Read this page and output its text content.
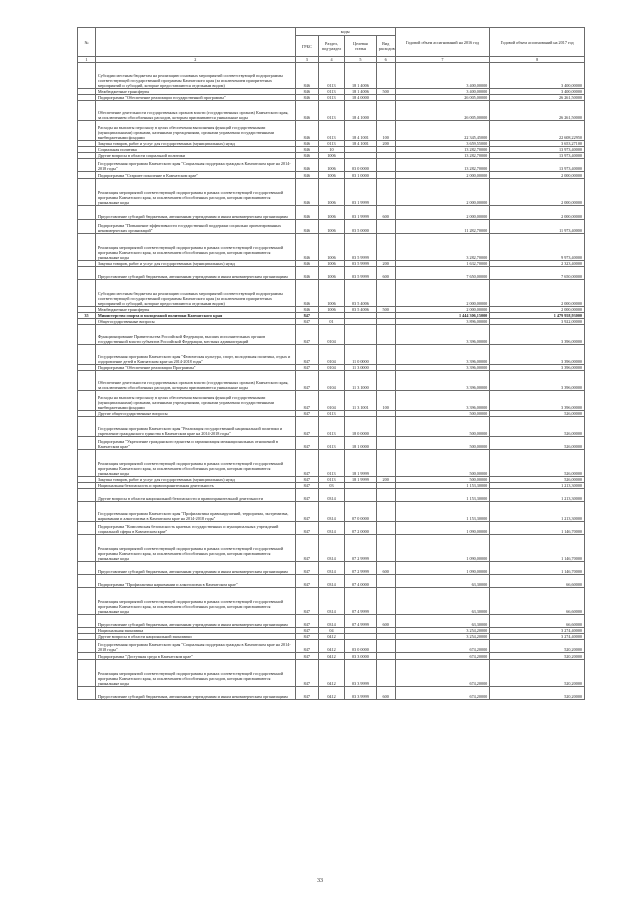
№		коды				Годовой объем ассигнований на 2016 год	Годовой объем ассигнований на 2017 год
		ГРБС	Раздел, под-раздел	Целевая статья	Вид расходов		
1	2	3	4	5	6	7	8
	Субсидии местным бюджетам на реализацию основных мероприятий соответствующей подпрограммы соответствующей государственной программы Камчатского края (за исключением приоритетных мероприятий и субсидий, которые предоставляются отдельным видом)	846	0113	18 1 4006		3 400,00000	3 400,00000
	Межбюджетные трансферты	846	0113	18 1 4006	500	3 400,00000	3 400,00000
	Подпрограмма "Обеспечение реализации государственной программы"	846	0113	18 4 0000		26 005,00000	26 261,50000
	Обеспечение деятельности государственных органов власти (государственных органов) Камчатского края, за исключением обособленных расходов, которым присваиваются уникальные коды	846	0113	18 4 1000		26 005,00000	26 261,50000
	Расходы на выплаты персоналу в целях обеспечения выполнения функций государственными (муниципальными) органами, казенными учреждениями, органами управления государственными внебюджетными фондами	846	0113	18 4 1001	100	22 345,45000	22 608,22950
	Закупка товаров, работ и услуг для государственных (муниципальных) нужд	846	0113	18 4 1001	200	3 659,55000	3 653,27100
	Социальная политика	846	10			13 282,70000	13 973,40000
	Другие вопросы в области социальной политики	846	1006			13 282,70000	13 973,40000
	Государственная программа Камчатского края "Социальная поддержка граждан в Камчатском крае на 2014-2018 годы"	846	1006	03 0 0000		13 282,70000	13 973,40000
	Подпрограмма "Старшее поколение в Камчатском крае"	846	1006	03 1 0000		2 000,00000	2 000,00000
	Реализация мероприятий соответствующей подпрограммы в рамках соответствующей государственной программы Камчатского края, за исключением обособленных расходов, которым присваиваются уникальные коды	846	1006	03 1 9999		2 000,00000	2 000,00000
	Предоставление субсидий бюджетным, автономным учреждениям и иным некоммерческим организациям	846	1006	03 1 9999	600	2 000,00000	2 000,00000
	Подпрограмма "Повышение эффективности государственной поддержки социально ориентированных некоммерческих организаций"	846	1006	03 5 0000		11 282,70000	11 973,40000
	Реализация мероприятий соответствующей подпрограммы в рамках соответствующей государственной программы Камчатского края, за исключением обособленных расходов, которым присваиваются уникальные коды	846	1006	03 5 9999		3 282,70000	9 973,40000
	Закупка товаров, работ и услуг для государственных (муниципальных) нужд	846	1006	03 5 9999	200	1 632,70000	2 323,40000
	Предоставление субсидий бюджетным, автономным учреждениям и иным некоммерческим организациям	846	1006	03 5 9999	600	7 650,00000	7 650,00000
	Субсидии местным бюджетам на реализацию основных мероприятий соответствующей подпрограммы соответствующей государственной программы Камчатского края (за исключением приоритетных мероприятий и субсидий, которые предоставляются отдельным видом)	846	1006	03 5 4006		2 000,00000	2 000,00000
	Межбюджетные трансферты	846	1006	03 5 4006	500	2 000,00000	2 000,00000
35	Министерство спорта и молодежной политики Камчатского края	847				1 444 306,15000	1 479 958,93000
	Общегосударственные вопросы	847	01			3 896,00000	3 922,00000
	Функционирование Правительства Российской Федерации, высших исполнительных органов государственной власти субъектов Российской Федерации, местных администраций	847	0104			3 396,00000	3 396,00000
	Государственная программа Камчатского края "Физическая культура, спорт, молодежная политика, отдых и оздоровление детей в Камчатском крае на 2014-2018 годы"	847	0104	11 0 0000		3 396,00000	3 396,00000
	Подпрограмма "Обеспечение реализации Программы"	847	0104	11 3 0000		3 396,00000	3 396,00000
	Обеспечение деятельности государственных органов власти (государственных органов) Камчатского края, за исключением обособленных расходов, которым присваиваются уникальные коды	847	0104	11 3 1000		3 396,00000	3 396,00000
	Расходы на выплаты персоналу в целях обеспечения выполнения функций государственными (муниципальными) органами, казенными учреждениями, органами управления государственными внебюджетными фондами	847	0104	11 3 1001	100	3 396,00000	3 396,00000
	Другие общегосударственные вопросы	847	0113			500,00000	526,00000
	Государственная программа Камчатского края "Реализация государственной национальной политики и укрепление гражданского единства в Камчатском крае на 2014-2018 годы"	847	0113	18 0 0000		500,00000	526,00000
	Подпрограмма "Укрепление гражданского единства и гармонизация межнациональных отношений в Камчатском крае"	847	0113	18 1 0000		500,00000	526,00000
	Реализация мероприятий соответствующей подпрограммы в рамках соответствующей государственной программы Камчатского края, за исключением обособленных расходов, которым присваиваются уникальные коды	847	0113	18 1 9999		500,00000	526,00000
	Закупка товаров, работ и услуг для государственных (муниципальных) нужд	847	0113	18 1 9999	200	500,00000	526,00000
	Национальная безопасность и правоохранительная деятельность	847	03			1 153,30000	1 213,30000
	Другие вопросы в области национальной безопасности и правоохранительной деятельности	847	0314			1 153,30000	1 213,30000
	Государственная программа Камчатского края "Профилактика правонарушений, терроризма, экстремизма, наркомании и алкоголизма в Камчатском крае на 2014-2018 годы"	847	0314	07 0 0000		1 153,30000	1 213,30000
	Подпрограмма "Комплексная безопасность краевых государственных и муниципальных учреждений социальной сферы в Камчатском крае"	847	0314	07 2 0000		1 090,00000	1 146,70000
	Реализация мероприятий соответствующей подпрограммы в рамках соответствующей государственной программы Камчатского края, за исключением обособленных расходов, которым присваиваются уникальные коды	847	0314	07 2 9999		1 090,00000	1 146,70000
	Предоставление субсидий бюджетным, автономным учреждениям и иным некоммерческим организациям	847	0314	07 2 9999	600	1 090,00000	1 146,70000
	Подпрограмма "Профилактика наркомании и алкоголизма в Камчатском крае"	847	0314	07 4 0000		63,30000	66,60000
	Реализация мероприятий соответствующей подпрограммы в рамках соответствующей государственной программы Камчатского края, за исключением обособленных расходов, которым присваиваются уникальные коды	847	0314	07 4 9999		63,30000	66,60000
	Предоставление субсидий бюджетным, автономным учреждениям и иным некоммерческим организациям	847	0314	07 4 9999	600	63,30000	66,60000
	Национальная экономика	847	04			3 254,20000	3 274,40000
	Другие вопросы в области национальной экономики	847	0412			3 254,20000	3 274,40000
	Государственная программа Камчатского края "Социальная поддержка граждан в Камчатском крае на 2014-2018 годы"	847	0412	03 0 0000		674,20000	520,20000
	Подпрограмма "Доступная среда в Камчатском крае"	847	0412	03 3 0000		674,20000	520,20000
	Реализация мероприятий соответствующей подпрограммы в рамках соответствующей государственной программы Камчатского края, за исключением обособленных расходов, которым присваиваются уникальные коды	847	0412	03 3 9999		674,20000	520,20000
	Предоставление субсидий бюджетным, автономным учреждениям и иным некоммерческим организациям	847	0412	03 3 9999	600	674,20000	520,20000
33
